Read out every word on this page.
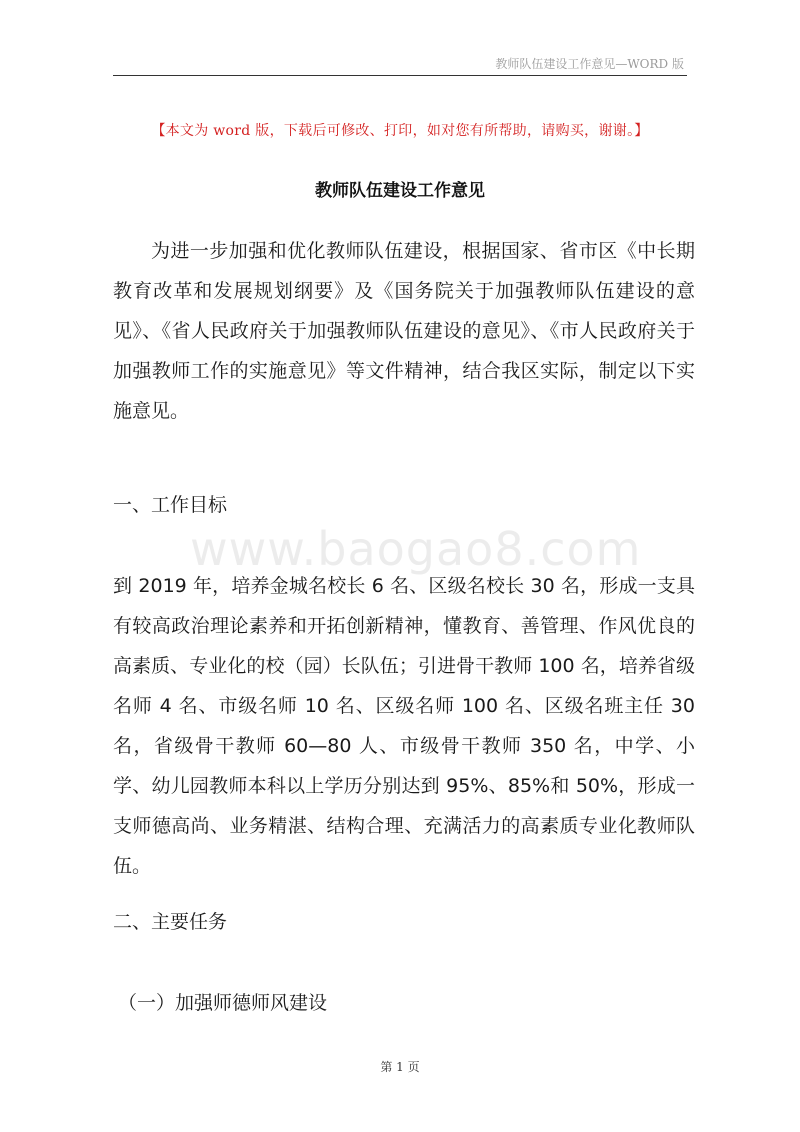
教师队伍建设工作意见—WORD 版
【本文为 word 版，下载后可修改、打印，如对您有所帮助，请购买，谢谢。】
教师队伍建设工作意见
为进一步加强和优化教师队伍建设，根据国家、省市区《中长期教育改革和发展规划纲要》及《国务院关于加强教师队伍建设的意见》、《省人民政府关于加强教师队伍建设的意见》、《市人民政府关于加强教师工作的实施意见》等文件精神，结合我区实际，制定以下实施意见。
一、工作目标
www.baogao8.com
到 2019 年，培养金城名校长 6 名、区级名校长 30 名，形成一支具有较高政治理论素养和开拓创新精神，懂教育、善管理、作风优良的高素质、专业化的校（园）长队伍；引进骨干教师 100 名，培养省级名师 4 名、市级名师 10 名、区级名师 100 名、区级名班主任 30 名，省级骨干教师 60—80 人、市级骨干教师 350 名，中学、小学、幼儿园教师本科以上学历分别达到 95%、85%和 50%，形成一支师德高尚、业务精湛、结构合理、充满活力的高素质专业化教师队伍。
二、主要任务
（一）加强师德师风建设
第 1 页
